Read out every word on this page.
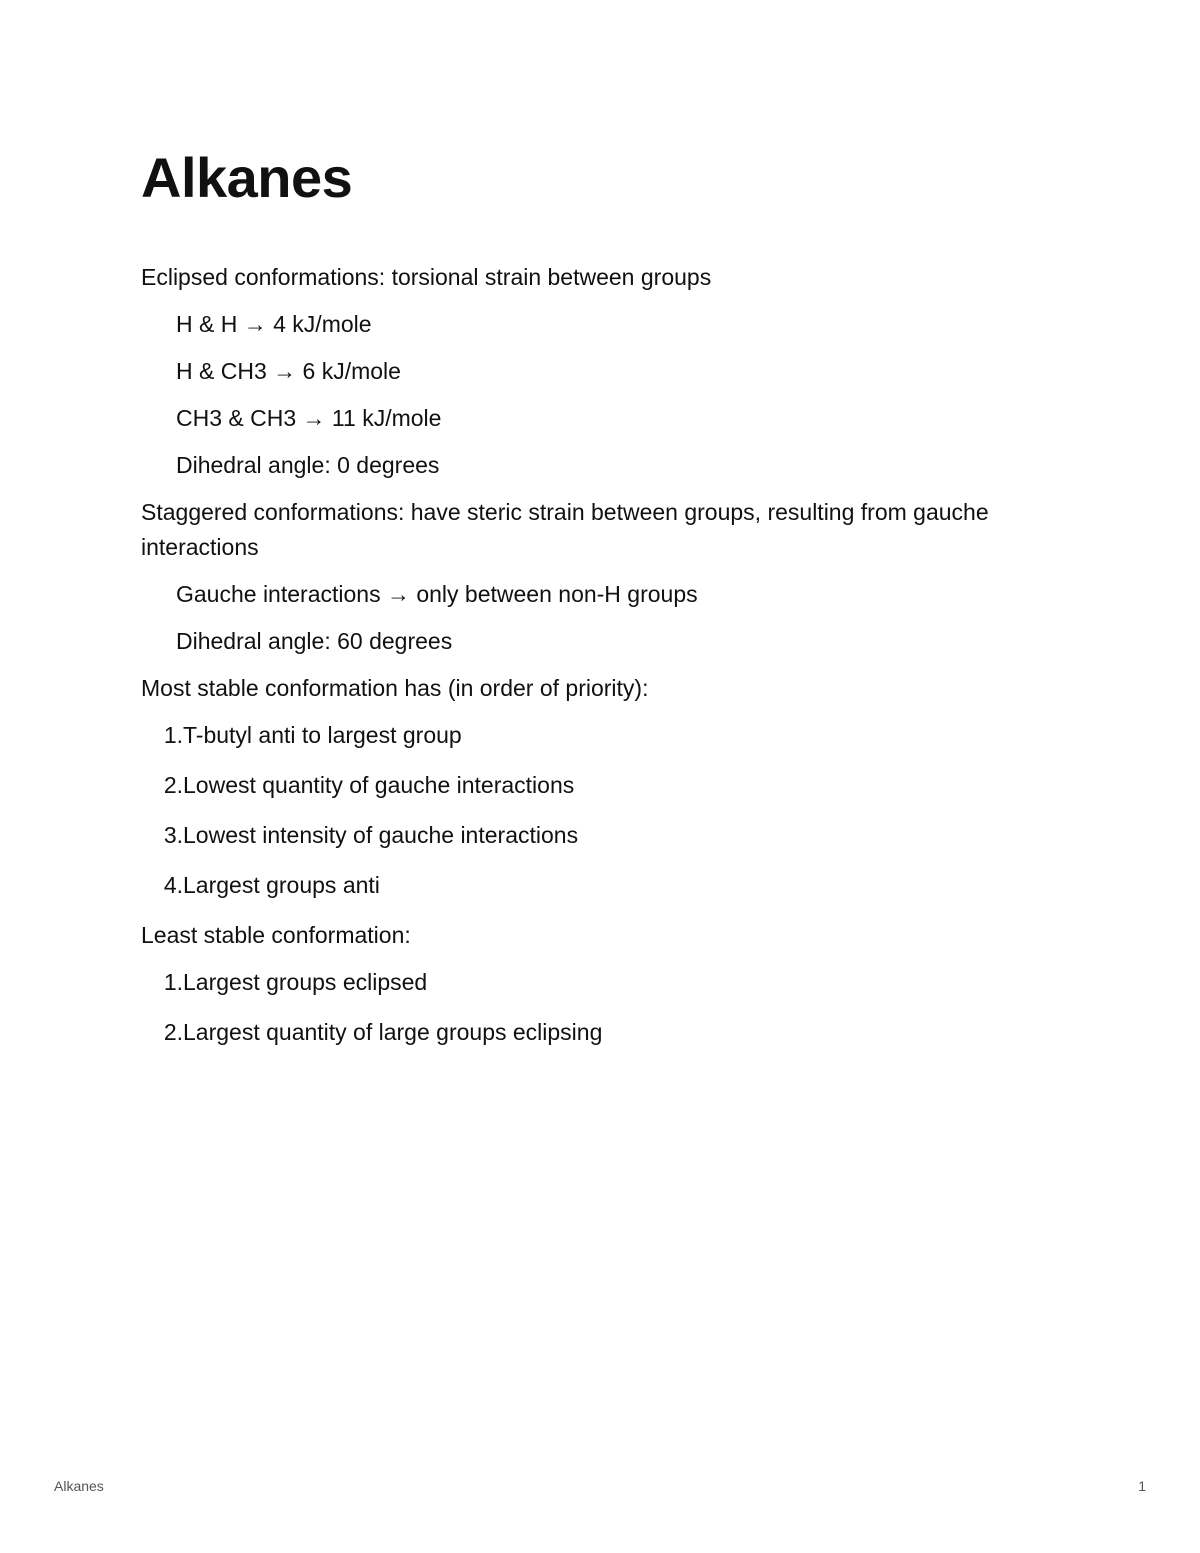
Alkanes

Eclipsed conformations: torsional strain between groups

H & H → 4 kJ/mole

H & CH3 → 6 kJ/mole

CH3 & CH3 → 11 kJ/mole

Dihedral angle: 0 degrees

Staggered conformations: have steric strain between groups, resulting from gauche interactions

Gauche interactions → only between non-H groups

Dihedral angle: 60 degrees

Most stable conformation has (in order of priority):

1. T-butyl anti to largest group
2. Lowest quantity of gauche interactions
3. Lowest intensity of gauche interactions
4. Largest groups anti

Least stable conformation:

1. Largest groups eclipsed
2. Largest quantity of large groups eclipsing
Alkanes	1
